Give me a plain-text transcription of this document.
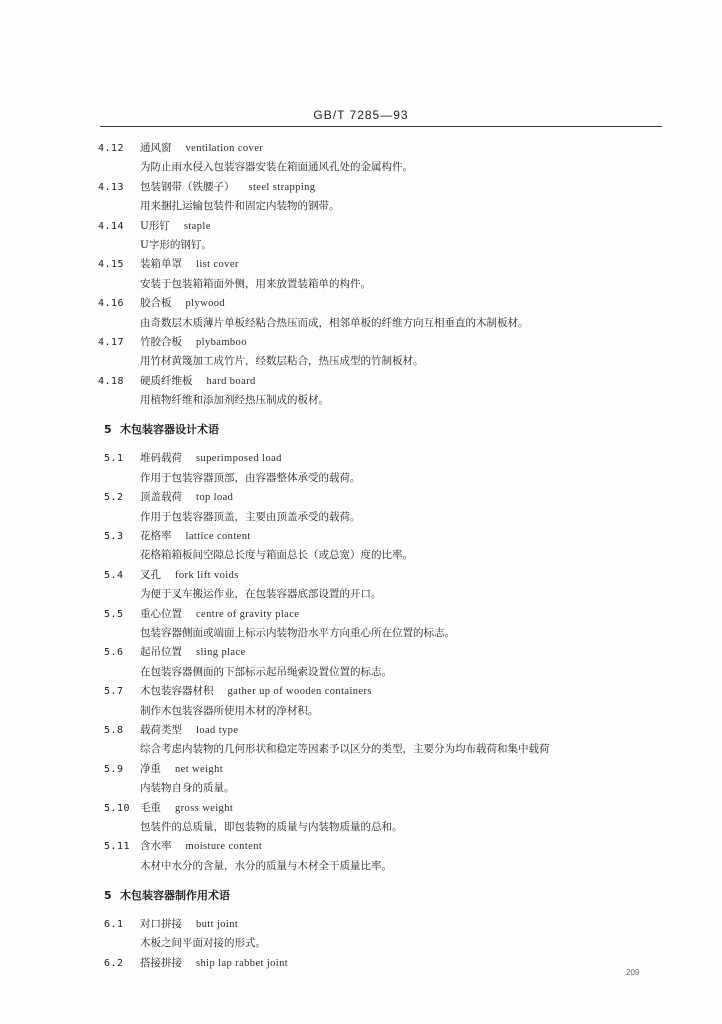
GB/T 7285—93
4.12	通风窗 ventilation cover
为防止雨水侵入包装容器安装在箱面通风孔处的金属构件。
4.13	包装钢带（铁腰子） steel strapping
用来捆扎运输包装件和固定内装物的钢带。
4.14	U形钉 staple
U字形的钢钉。
4.15	装箱单罩 list cover
安装于包装箱箱面外侧，用来放置装箱单的构件。
4.16	胶合板 plywood
由奇数层木质薄片单板经粘合热压而成，相邻单板的纤维方向互相垂直的木制板材。
4.17	竹胶合板 plybamboo
用竹材黄篾加工成竹片，经数层粘合，热压成型的竹制板材。
4.18	硬质纤维板 hard board
用植物纤维和添加剂经热压制成的板材。
5 木包装容器设计术语
5.1	堆码载荷 superimposed load
作用于包装容器顶部，由容器整体承受的载荷。
5.2	顶盖载荷 top load
作用于包装容器顶盖，主要由顶盖承受的载荷。
5.3	花格率 lattice content
花格箱箱板间空隙总长度与箱面总长（或总宽）度的比率。
5.4	叉孔 fork lift voids
为便于叉车搬运作业，在包装容器底部设置的开口。
5.5	重心位置 centre of gravity place
包装容器侧面或端面上标示内装物沿水平方向重心所在位置的标志。
5.6	起吊位置 sling place
在包装容器侧面的下部标示起吊绳索设置位置的标志。
5.7	木包装容器材积 gather up of wooden containers
制作木包装容器所使用木材的净材积。
5.8	载荷类型 load type
综合考虑内装物的几何形状和稳定等因素予以区分的类型，主要分为均布载荷和集中载荷
5.9	净重 net weight
内装物自身的质量。
5.10 毛重 gross weight
包装件的总质量，即包装物的质量与内装物质量的总和。
5.11 含水率 moisture content
木材中水分的含量，水分的质量与木材全干质量比率。
5 木包装容器制作用术语
6.1	对口拼接 butt joint
木板之间平面对接的形式。
6.2	搭接拼接 ship lap rabbet joint
209
